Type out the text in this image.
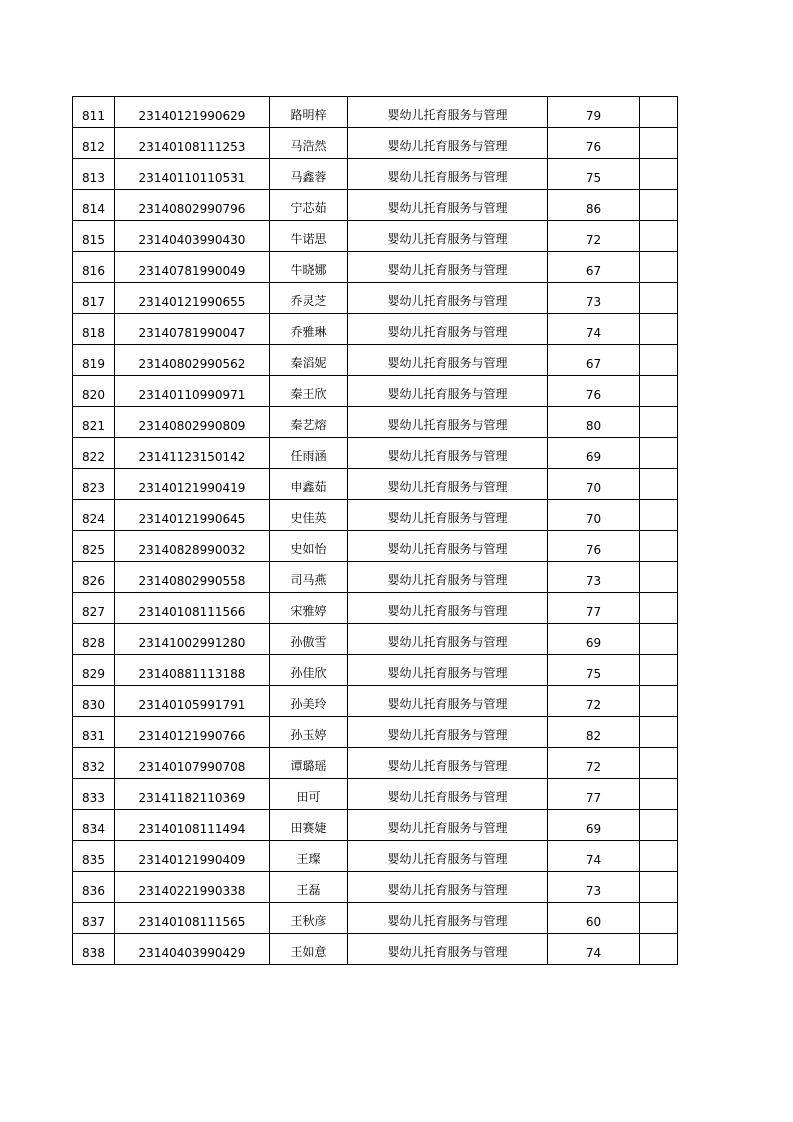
811	23140121990629	路明梓	婴幼儿托育服务与管理	79	
812	23140108111253	马浩然	婴幼儿托育服务与管理	76	
813	23140110110531	马鑫蓉	婴幼儿托育服务与管理	75	
814	23140802990796	宁芯茹	婴幼儿托育服务与管理	86	
815	23140403990430	牛诺思	婴幼儿托育服务与管理	72	
816	23140781990049	牛晓娜	婴幼儿托育服务与管理	67	
817	23140121990655	乔灵芝	婴幼儿托育服务与管理	73	
818	23140781990047	乔雅琳	婴幼儿托育服务与管理	74	
819	23140802990562	秦滔妮	婴幼儿托育服务与管理	67	
820	23140110990971	秦王欣	婴幼儿托育服务与管理	76	
821	23140802990809	秦艺熔	婴幼儿托育服务与管理	80	
822	23141123150142	任雨涵	婴幼儿托育服务与管理	69	
823	23140121990419	申鑫茹	婴幼儿托育服务与管理	70	
824	23140121990645	史佳英	婴幼儿托育服务与管理	70	
825	23140828990032	史如怡	婴幼儿托育服务与管理	76	
826	23140802990558	司马燕	婴幼儿托育服务与管理	73	
827	23140108111566	宋雅婷	婴幼儿托育服务与管理	77	
828	23141002991280	孙傲雪	婴幼儿托育服务与管理	69	
829	23140881113188	孙佳欣	婴幼儿托育服务与管理	75	
830	23140105991791	孙美玲	婴幼儿托育服务与管理	72	
831	23140121990766	孙玉婷	婴幼儿托育服务与管理	82	
832	23140107990708	谭璐瑶	婴幼儿托育服务与管理	72	
833	23141182110369	田可	婴幼儿托育服务与管理	77	
834	23140108111494	田赛婕	婴幼儿托育服务与管理	69	
835	23140121990409	王璨	婴幼儿托育服务与管理	74	
836	23140221990338	王磊	婴幼儿托育服务与管理	73	
837	23140108111565	王秋彦	婴幼儿托育服务与管理	60	
838	23140403990429	王如意	婴幼儿托育服务与管理	74	
